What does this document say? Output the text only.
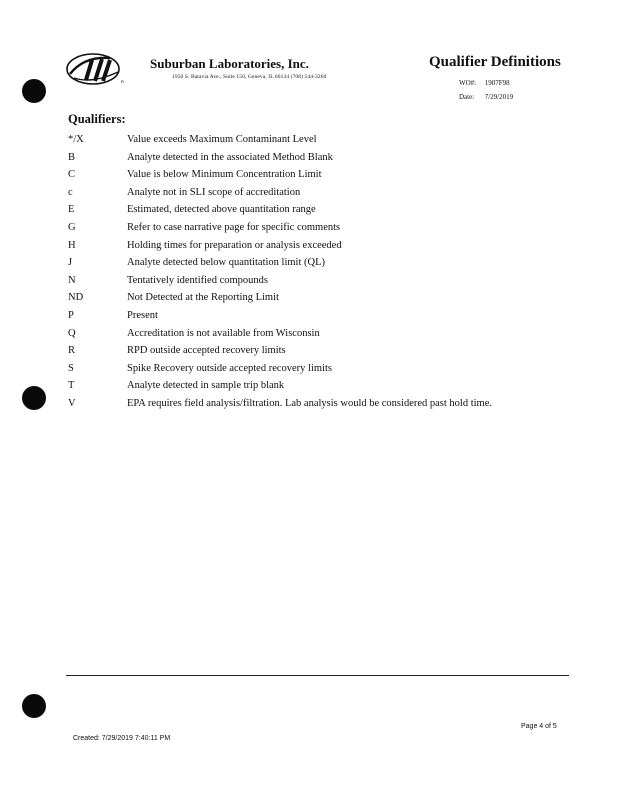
R
Suburban Laboratories, Inc.
1950 S. Batavia Ave., Suite 150, Geneva, IL 60134 (708) 544-3260
Qualifier Definitions
WO#: 1907F98
Date: 7/29/2019
Qualifiers:
*/X	Value exceeds Maximum Contaminant Level
B	Analyte detected in the associated Method Blank
C	Value is below Minimum Concentration Limit
c	Analyte not in SLI scope of accreditation
E	Estimated, detected above quantitation range
G	Refer to case narrative page for specific comments
H	Holding times for preparation or analysis exceeded
J	Analyte detected below quantitation limit (QL)
N	Tentatively identified compounds
ND	Not Detected at the Reporting Limit
P	Present
Q	Accreditation is not available from Wisconsin
R	RPD outside accepted recovery limits
S	Spike Recovery outside accepted recovery limits
T	Analyte detected in sample trip blank
V	EPA requires field analysis/filtration. Lab analysis would be considered past hold time.
Page 4 of 5
Created: 7/29/2019 7:40:11 PM
